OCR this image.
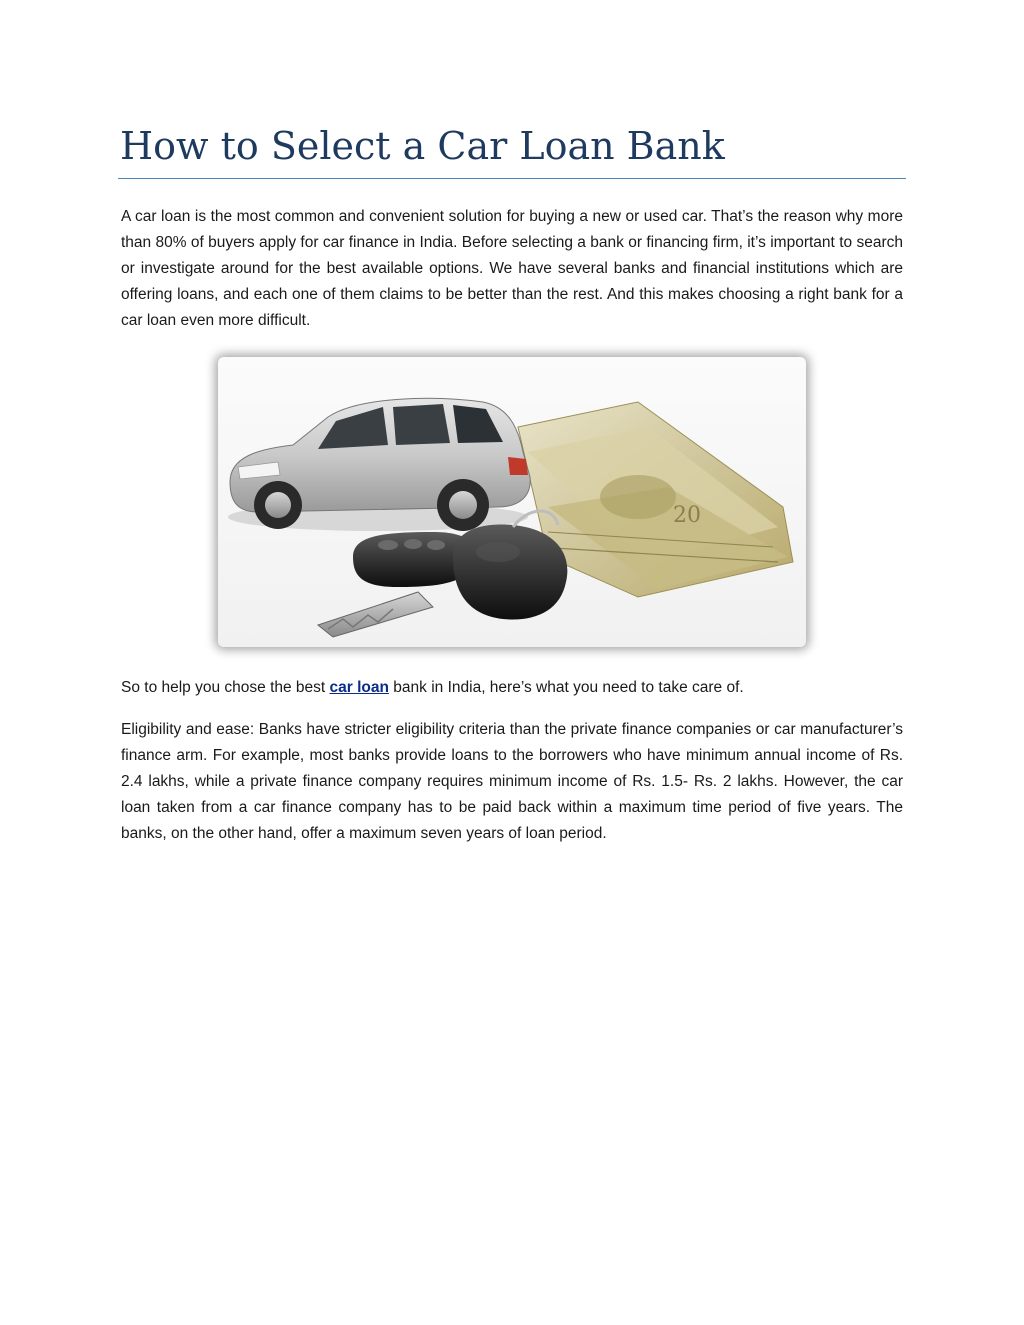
How to Select a Car Loan Bank

A car loan is the most common and convenient solution for buying a new or used car. That’s the reason why more than 80% of buyers apply for car finance in India. Before selecting a bank or financing firm, it’s important to search or investigate around for the best available options. We have several banks and financial institutions which are offering loans, and each one of them claims to be better than the rest. And this makes choosing a right bank for a car loan even more difficult.

20

So to help you chose the best car loan bank in India, here’s what you need to take care of.

Eligibility and ease: Banks have stricter eligibility criteria than the private finance companies or car manufacturer’s finance arm. For example, most banks provide loans to the borrowers who have minimum annual income of Rs. 2.4 lakhs, while a private finance company requires minimum income of Rs. 1.5- Rs. 2 lakhs. However, the car loan taken from a car finance company has to be paid back within a maximum time period of five years. The banks, on the other hand, offer a maximum seven years of loan period.
